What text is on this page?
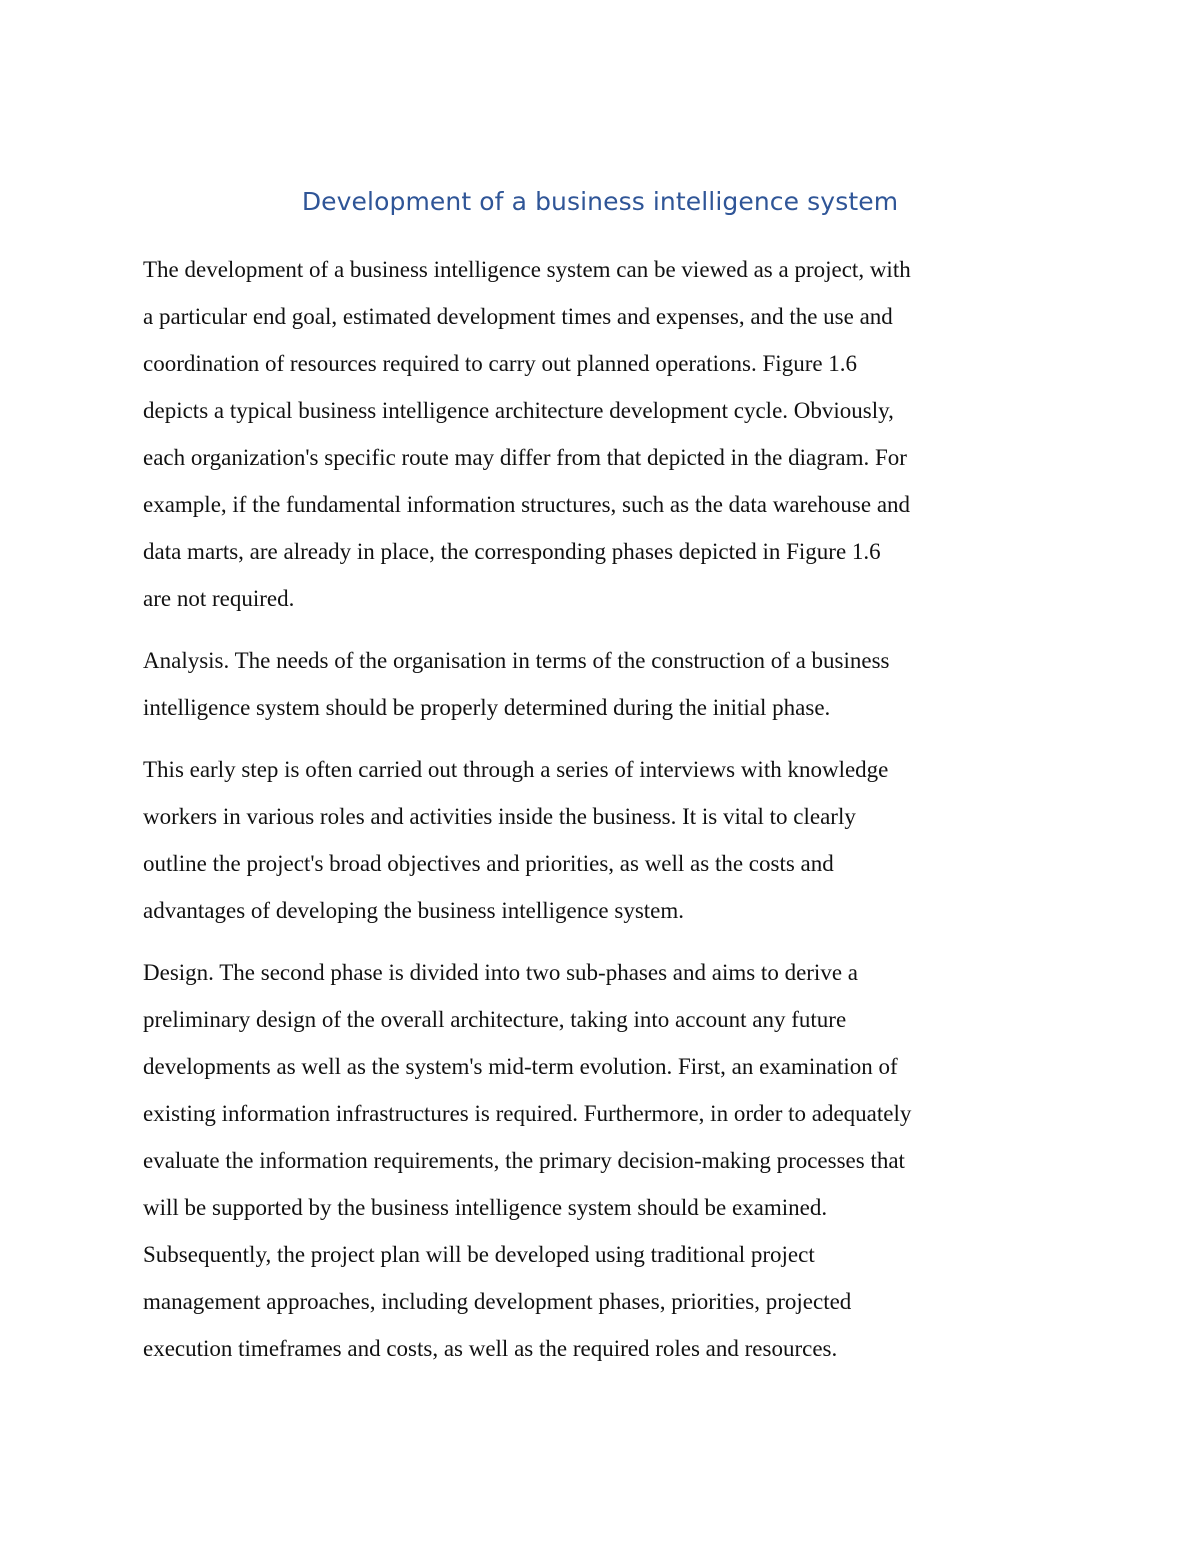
Development of a business intelligence system

The development of a business intelligence system can be viewed as a project, with
a particular end goal, estimated development times and expenses, and the use and
coordination of resources required to carry out planned operations. Figure 1.6
depicts a typical business intelligence architecture development cycle. Obviously,
each organization's specific route may differ from that depicted in the diagram. For
example, if the fundamental information structures, such as the data warehouse and
data marts, are already in place, the corresponding phases depicted in Figure 1.6
are not required.

Analysis. The needs of the organisation in terms of the construction of a business
intelligence system should be properly determined during the initial phase.

This early step is often carried out through a series of interviews with knowledge
workers in various roles and activities inside the business. It is vital to clearly
outline the project's broad objectives and priorities, as well as the costs and
advantages of developing the business intelligence system.

Design. The second phase is divided into two sub-phases and aims to derive a
preliminary design of the overall architecture, taking into account any future
developments as well as the system's mid-term evolution. First, an examination of
existing information infrastructures is required. Furthermore, in order to adequately
evaluate the information requirements, the primary decision-making processes that
will be supported by the business intelligence system should be examined.
Subsequently, the project plan will be developed using traditional project
management approaches, including development phases, priorities, projected
execution timeframes and costs, as well as the required roles and resources.
